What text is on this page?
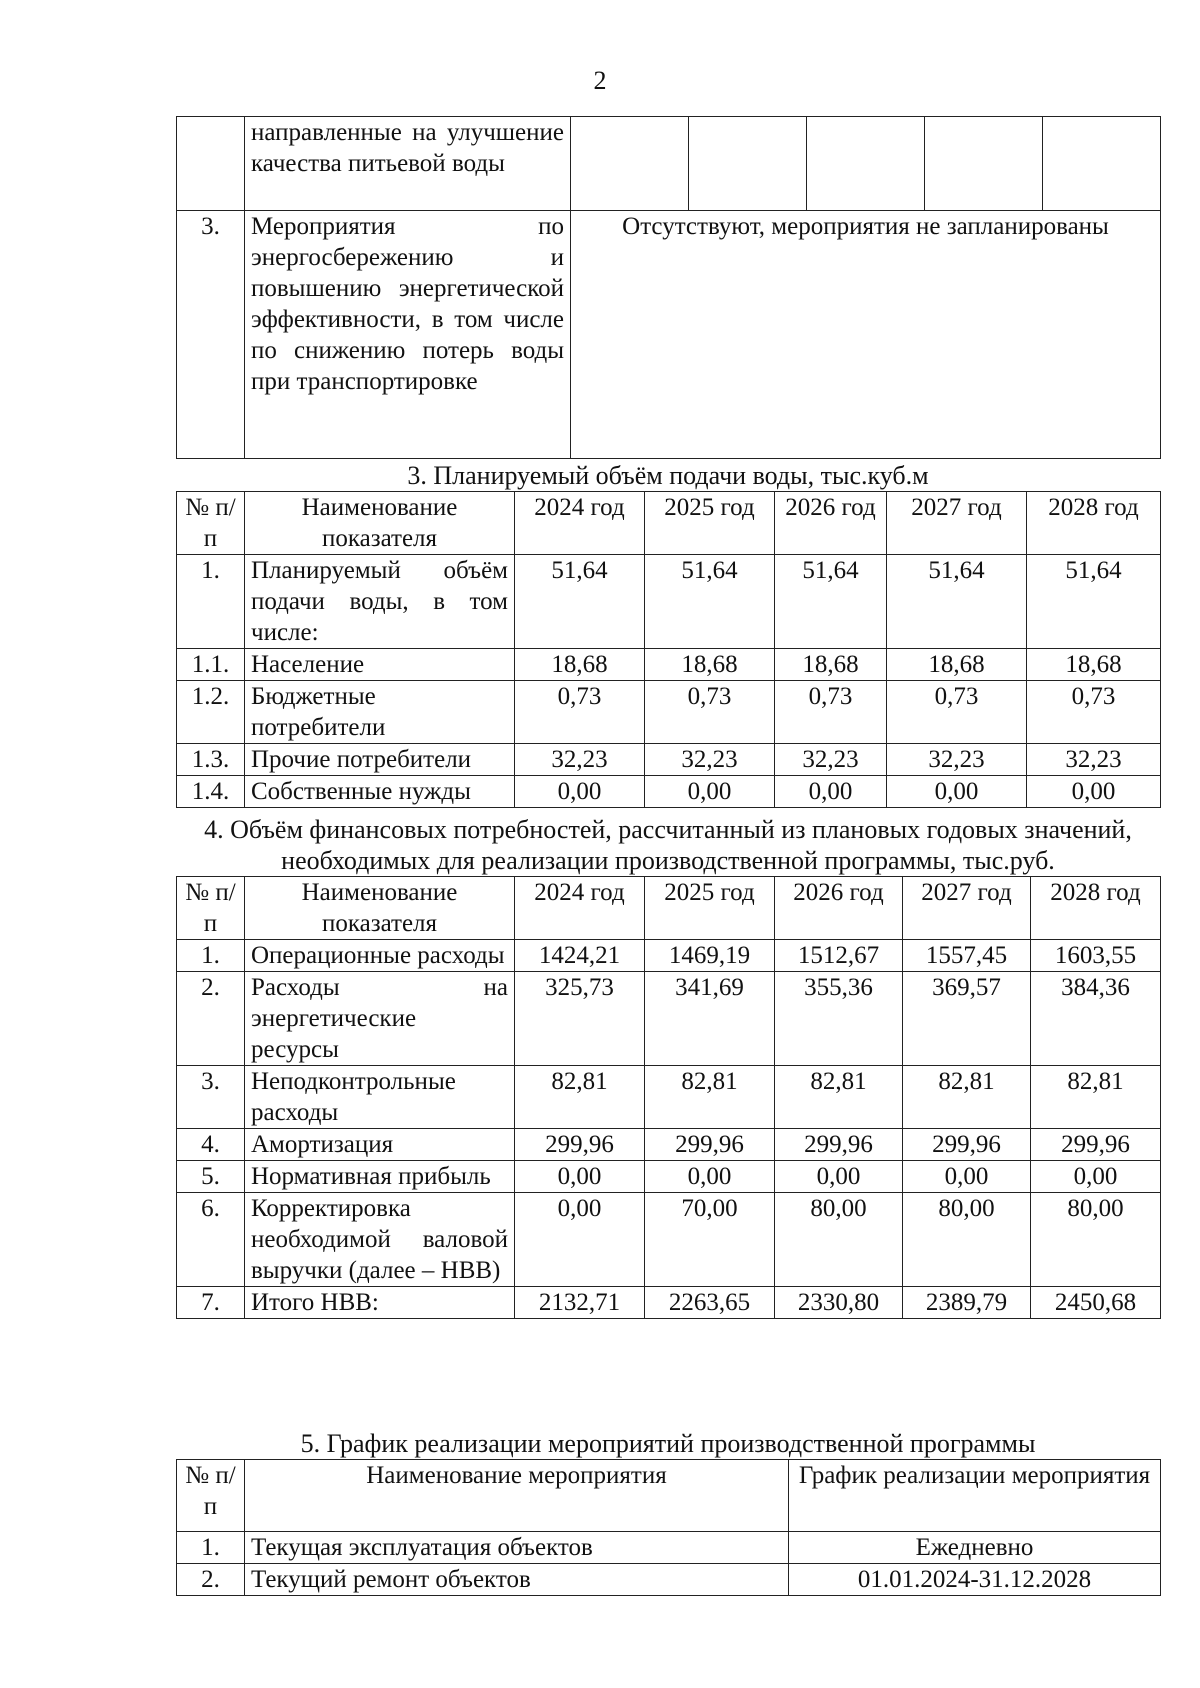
2
	направленные на улучшение качества питьевой воды					
3.	Мероприятия по энергосбережению и повышению энергетической эффективности, в том числе по снижению потерь воды при транспортировке	Отсутствуют, мероприятия не запланированы				

3. Планируемый объём подачи воды, тыс.куб.м

№ п/п	Наименование показателя	2024 год	2025 год	2026 год	2027 год	2028 год
1.	Планируемый объём подачи воды, в том числе:	51,64	51,64	51,64	51,64	51,64
1.1.	Население	18,68	18,68	18,68	18,68	18,68
1.2.	Бюджетные потребители	0,73	0,73	0,73	0,73	0,73
1.3.	Прочие потребители	32,23	32,23	32,23	32,23	32,23
1.4.	Собственные нужды	0,00	0,00	0,00	0,00	0,00

4. Объём финансовых потребностей, рассчитанный из плановых годовых значений, необходимых для реализации производственной программы, тыс.руб.

№ п/п	Наименование показателя	2024 год	2025 год	2026 год	2027 год	2028 год
1.	Операционные расходы	1424,21	1469,19	1512,67	1557,45	1603,55
2.	Расходы на энергетические ресурсы	325,73	341,69	355,36	369,57	384,36
3.	Неподконтрольные расходы	82,81	82,81	82,81	82,81	82,81
4.	Амортизация	299,96	299,96	299,96	299,96	299,96
5.	Нормативная прибыль	0,00	0,00	0,00	0,00	0,00
6.	Корректировка необходимой валовой выручки (далее – НВВ)	0,00	70,00	80,00	80,00	80,00
7.	Итого НВВ:	2132,71	2263,65	2330,80	2389,79	2450,68

5. График реализации мероприятий производственной программы

№ п/п	Наименование мероприятия	График реализации мероприятия
1.	Текущая эксплуатация объектов	Ежедневно
2.	Текущий ремонт объектов	01.01.2024-31.12.2028
